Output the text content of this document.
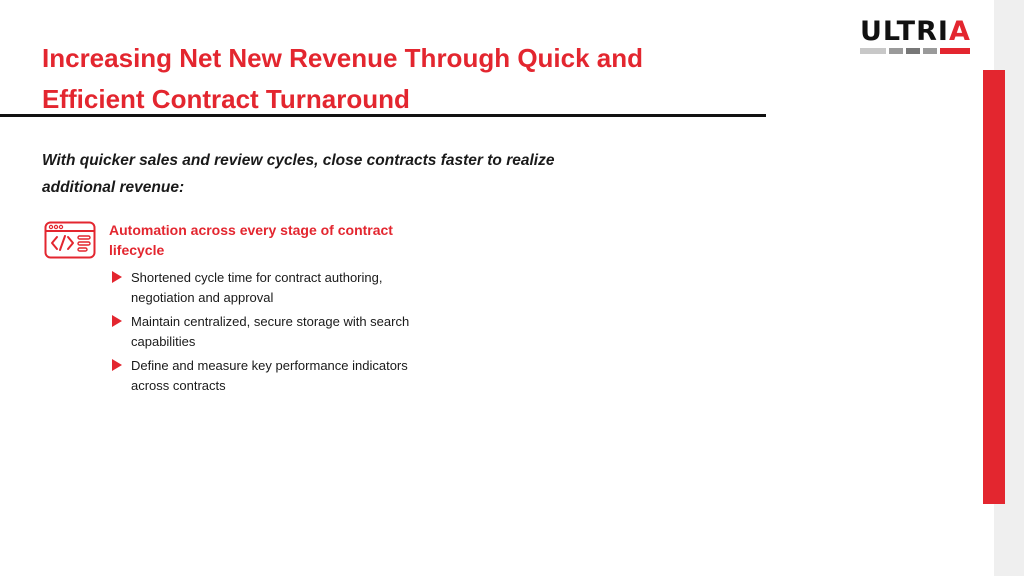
ULTRIA
Increasing Net New Revenue Through Quick and Efficient Contract Turnaround
With quicker sales and review cycles, close contracts faster to realize additional revenue:
Automation across every stage of contract lifecycle
Shortened cycle time for contract authoring, negotiation and approval
Maintain centralized, secure storage with search capabilities
Define and measure key performance indicators across contracts
